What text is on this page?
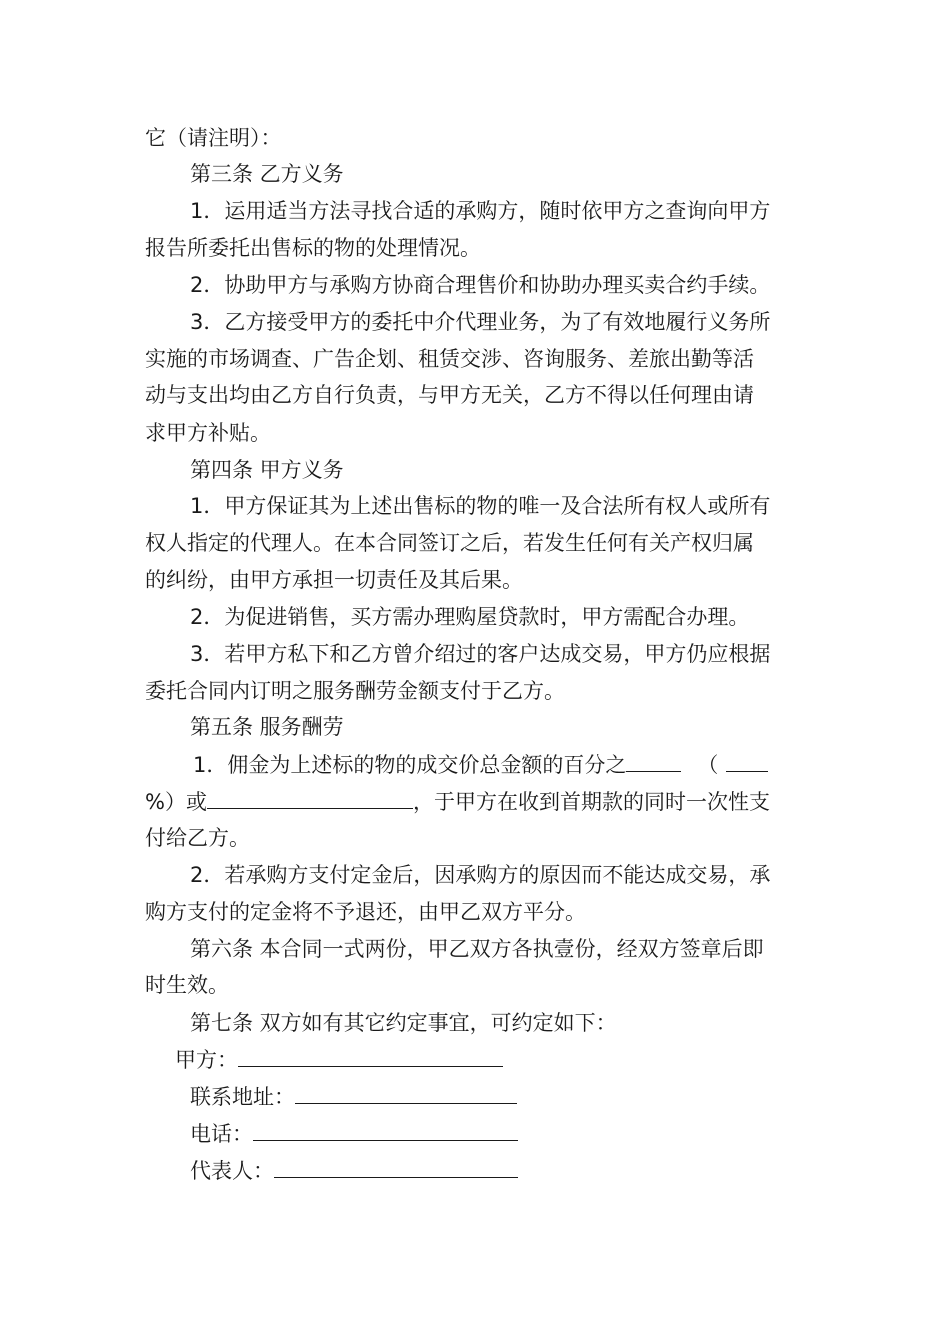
它（请注明）：
第三条 乙方义务
1．运用适当方法寻找合适的承购方，随时依甲方之查询向甲方
报告所委托出售标的物的处理情况。
2．协助甲方与承购方协商合理售价和协助办理买卖合约手续。
3．乙方接受甲方的委托中介代理业务，为了有效地履行义务所
实施的市场调查、广告企划、租赁交涉、咨询服务、差旅出勤等活
动与支出均由乙方自行负责，与甲方无关，乙方不得以任何理由请
求甲方补贴。
第四条 甲方义务
1．甲方保证其为上述出售标的物的唯一及合法所有权人或所有
权人指定的代理人。在本合同签订之后，若发生任何有关产权归属
的纠纷，由甲方承担一切责任及其后果。
2．为促进销售，买方需办理购屋贷款时，甲方需配合办理。
3．若甲方私下和乙方曾介绍过的客户达成交易，甲方仍应根据
委托合同内订明之服务酬劳金额支付于乙方。
第五条 服务酬劳
1．佣金为上述标的物的成交价总金额的百分之	（
%）或	，于甲方在收到首期款的同时一次性支
付给乙方。
2．若承购方支付定金后，因承购方的原因而不能达成交易，承
购方支付的定金将不予退还，由甲乙双方平分。
第六条 本合同一式两份，甲乙双方各执壹份，经双方签章后即
时生效。
第七条 双方如有其它约定事宜，可约定如下：
甲方：
联系地址：
电话：
代表人：
